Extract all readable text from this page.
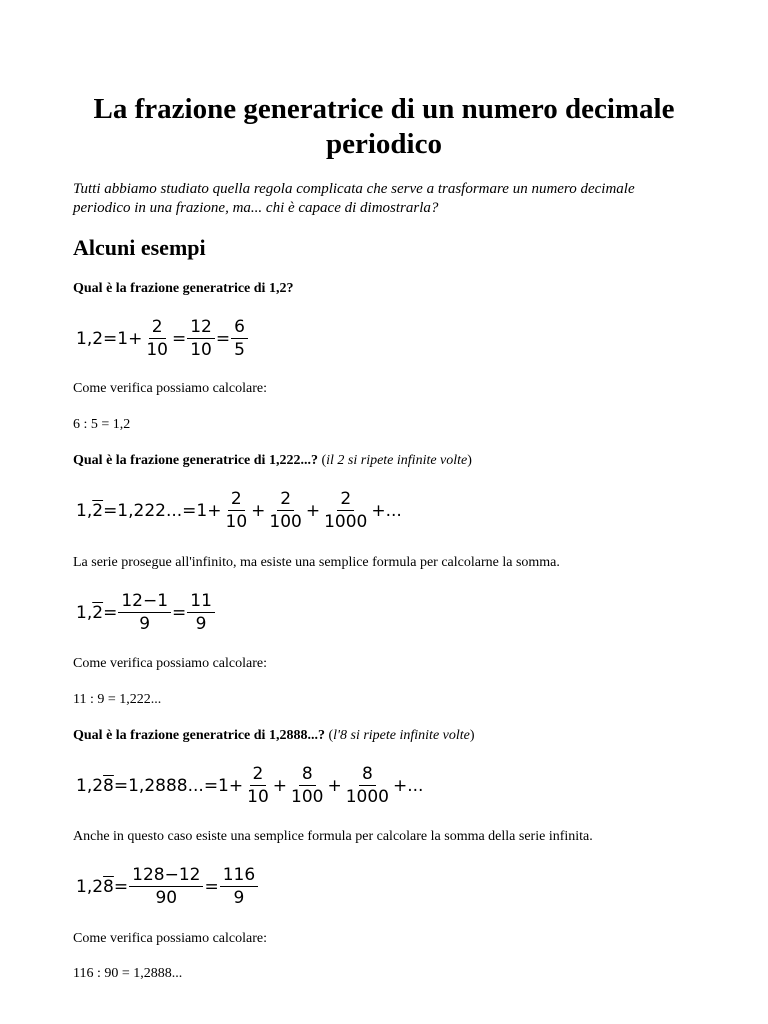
La frazione generatrice di un numero decimale periodico
Tutti abbiamo studiato quella regola complicata che serve a trasformare un numero decimale periodico in una frazione, ma... chi è capace di dimostrarla?
Alcuni esempi
Qual è la frazione generatrice di 1,2?
$1,2=1+ \frac{2}{10} = \frac{12}{10} = \frac{6}{5}$
Come verifica possiamo calcolare:
6 : 5 = 1,2
Qual è la frazione generatrice di 1,222...? (il 2 si ripete infinite volte)
1, $2 =1,222...=1+ \frac{2}{10} + \frac{2}{100} + \frac{2}{1000}$ +...
La serie prosegue all'infinito, ma esiste una semplice formula per calcolarne la somma.
1, $2 = \frac{12-1}{9} = \frac{11}{9}$
Come verifica possiamo calcolare:
11 : 9 = 1,222...
Qual è la frazione generatrice di 1,2888...? (l'8 si ripete infinite volte)
1,2 $8 =1,2888...=1+ \frac{2}{10} + \frac{8}{100} + \frac{8}{1000}$ +...
Anche in questo caso esiste una semplice formula per calcolare la somma della serie infinita.
1,2 $8 = \frac{128-12}{90} = \frac{116}{9}$
Come verifica possiamo calcolare:
116 : 90 = 1,2888...
